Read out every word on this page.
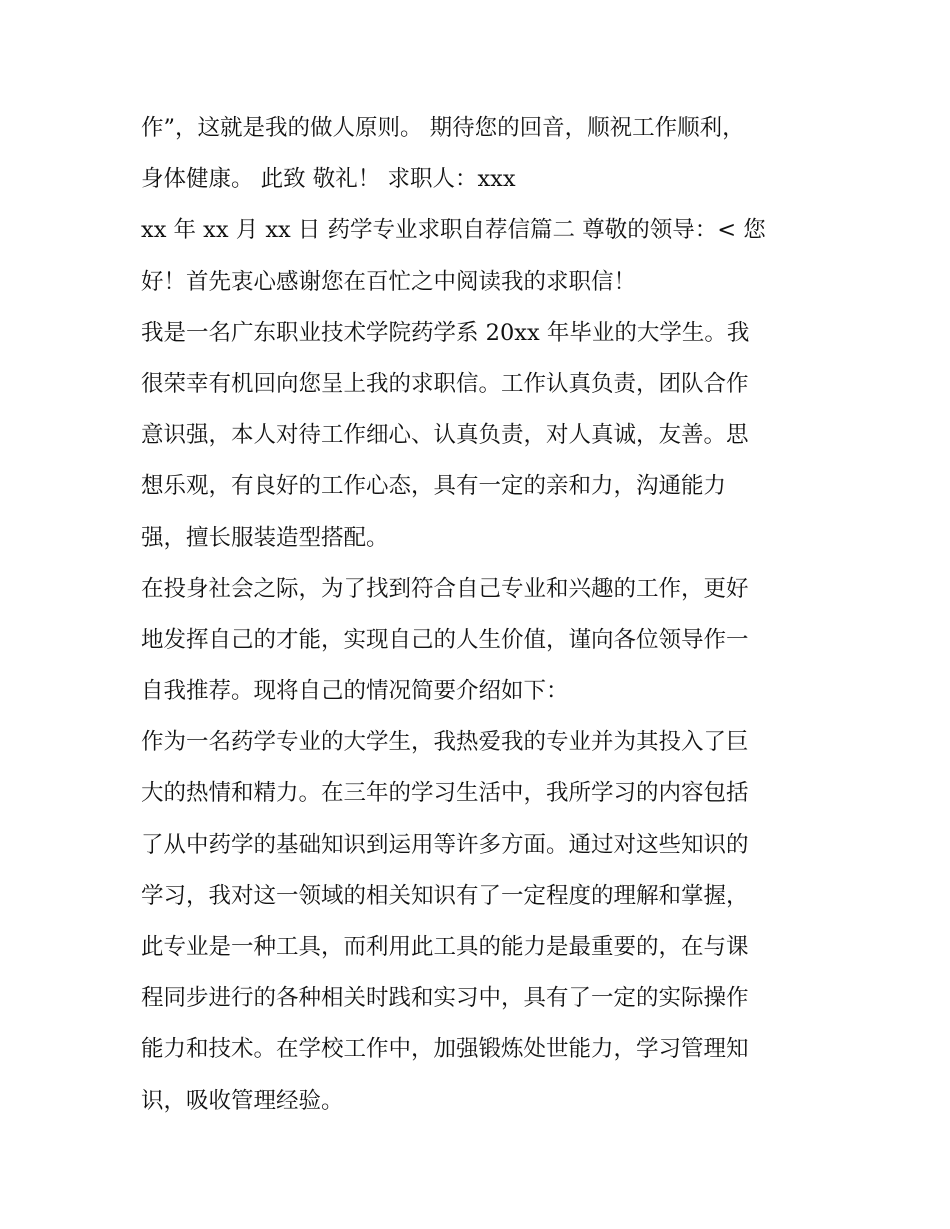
作”，这就是我的做人原则。 期待您的回音，顺祝工作顺利，
身体健康。 此致 敬礼！ 求职人：xxx
xx 年 xx 月 xx 日 药学专业求职自荐信篇二 尊敬的领导：< 您
好！首先衷心感谢您在百忙之中阅读我的求职信！
我是一名广东职业技术学院药学系 20xx 年毕业的大学生。我
很荣幸有机回向您呈上我的求职信。工作认真负责，团队合作
意识强，本人对待工作细心、认真负责，对人真诚，友善。思
想乐观，有良好的工作心态，具有一定的亲和力，沟通能力
强，擅长服装造型搭配。
在投身社会之际，为了找到符合自己专业和兴趣的工作，更好
地发挥自己的才能，实现自己的人生价值，谨向各位领导作一
自我推荐。现将自己的情况简要介绍如下：
作为一名药学专业的大学生，我热爱我的专业并为其投入了巨
大的热情和精力。在三年的学习生活中，我所学习的内容包括
了从中药学的基础知识到运用等许多方面。通过对这些知识的
学习，我对这一领域的相关知识有了一定程度的理解和掌握，
此专业是一种工具，而利用此工具的能力是最重要的，在与课
程同步进行的各种相关时践和实习中，具有了一定的实际操作
能力和技术。在学校工作中，加强锻炼处世能力，学习管理知
识，吸收管理经验。
